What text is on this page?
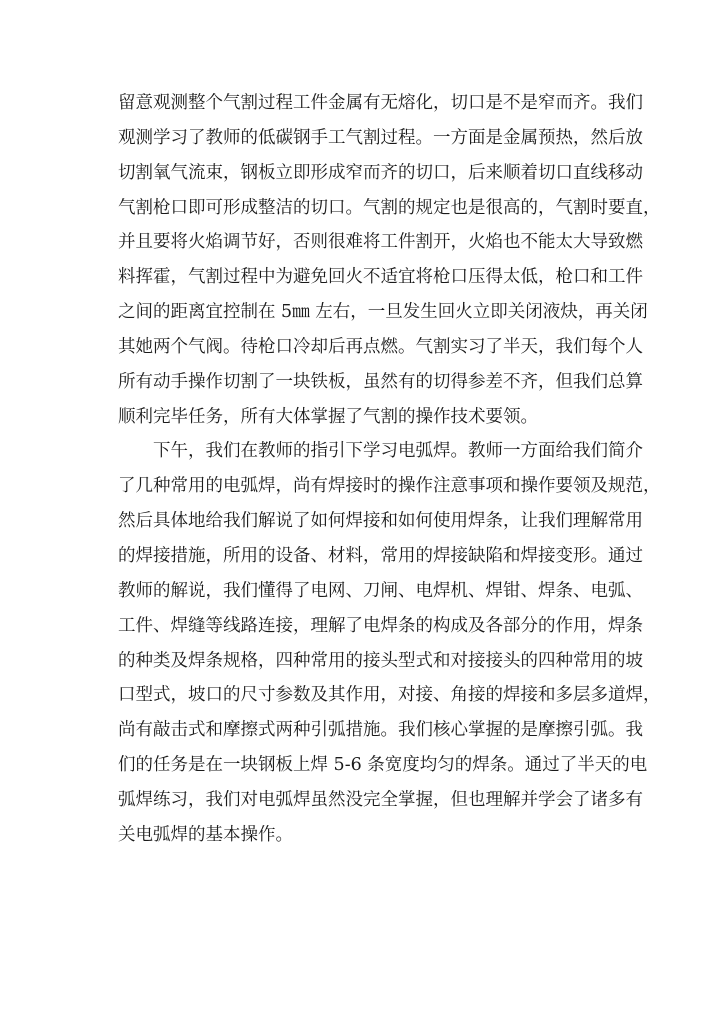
留意观测整个气割过程工件金属有无熔化，切口是不是窄而齐。我们
观测学习了教师的低碳钢手工气割过程。一方面是金属预热，然后放
切割氧气流束，钢板立即形成窄而齐的切口，后来顺着切口直线移动
气割枪口即可形成整洁的切口。气割的规定也是很高的，气割时要直，
并且要将火焰调节好，否则很难将工件割开，火焰也不能太大导致燃
料挥霍，气割过程中为避免回火不适宜将枪口压得太低，枪口和工件
之间的距离宜控制在 5㎜ 左右，一旦发生回火立即关闭液炔，再关闭
其她两个气阀。待枪口冷却后再点燃。气割实习了半天，我们每个人
所有动手操作切割了一块铁板，虽然有的切得参差不齐，但我们总算
顺利完毕任务，所有大体掌握了气割的操作技术要领。
下午，我们在教师的指引下学习电弧焊。教师一方面给我们简介
了几种常用的电弧焊，尚有焊接时的操作注意事项和操作要领及规范，
然后具体地给我们解说了如何焊接和如何使用焊条，让我们理解常用
的焊接措施，所用的设备、材料，常用的焊接缺陷和焊接变形。通过
教师的解说，我们懂得了电网、刀闸、电焊机、焊钳、焊条、电弧、
工件、焊缝等线路连接，理解了电焊条的构成及各部分的作用，焊条
的种类及焊条规格，四种常用的接头型式和对接接头的四种常用的坡
口型式，坡口的尺寸参数及其作用，对接、角接的焊接和多层多道焊，
尚有敲击式和摩擦式两种引弧措施。我们核心掌握的是摩擦引弧。我
们的任务是在一块钢板上焊 5-6 条宽度均匀的焊条。通过了半天的电
弧焊练习，我们对电弧焊虽然没完全掌握，但也理解并学会了诸多有
关电弧焊的基本操作。
